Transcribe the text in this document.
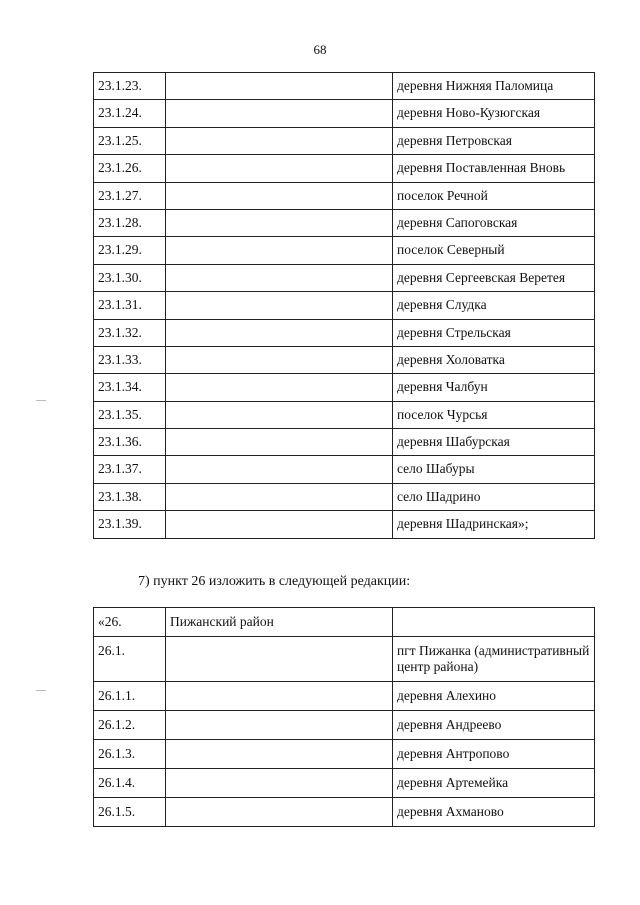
68
23.1.23.		деревня Нижняя Паломица
23.1.24.		деревня Ново-Кузюгская
23.1.25.		деревня Петровская
23.1.26.		деревня Поставленная Вновь
23.1.27.		поселок Речной
23.1.28.		деревня Сапоговская
23.1.29.		поселок Северный
23.1.30.		деревня Сергеевская Веретея
23.1.31.		деревня Слудка
23.1.32.		деревня Стрельская
23.1.33.		деревня Холоватка
23.1.34.		деревня Чалбун
23.1.35.		поселок Чурсья
23.1.36.		деревня Шабурская
23.1.37.		село Шабуры
23.1.38.		село Шадрино
23.1.39.		деревня Шадринская»;
7) пункт 26 изложить в следующей редакции:
«26.	Пижанский район	
26.1.		пгт Пижанка (административный центр района)
26.1.1.		деревня Алехино
26.1.2.		деревня Андреево
26.1.3.		деревня Антропово
26.1.4.		деревня Артемейка
26.1.5.		деревня Ахманово
